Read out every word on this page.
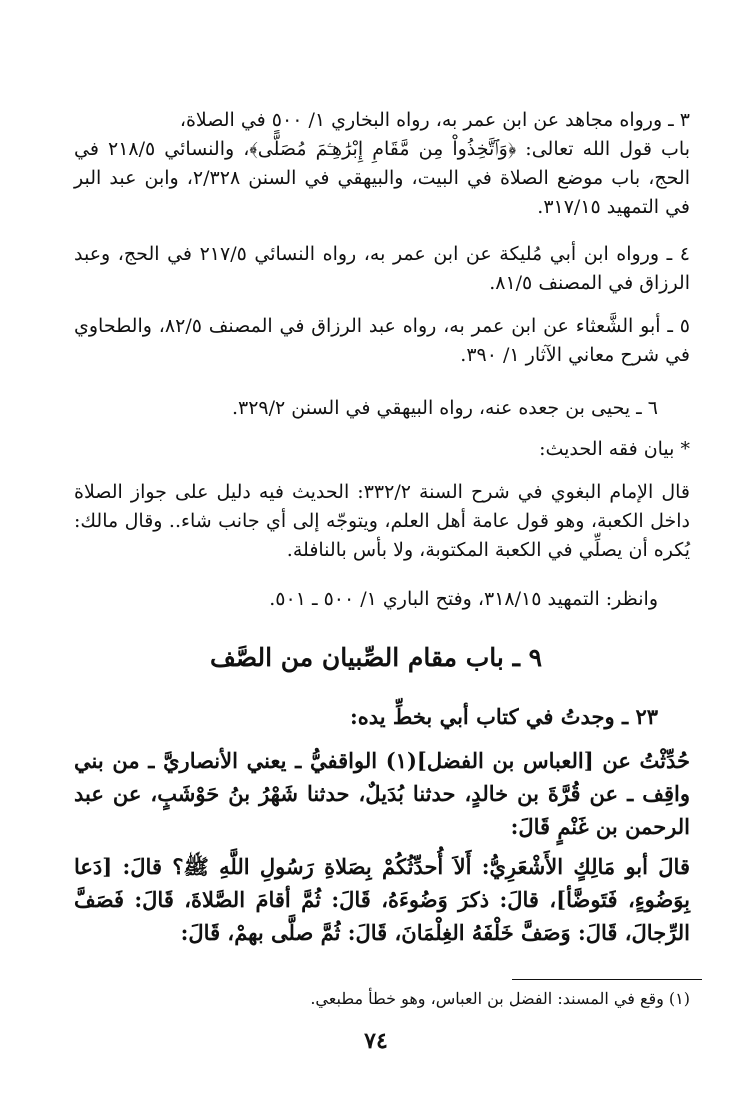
٣ ـ ورواه مجاهد عن ابن عمر به، رواه البخاري ١/ ٥٠٠ في الصلاة،

باب قول الله تعالى: ﴿وَٱتَّخِذُواْ مِن مَّقَامِ إِبْرَٰهِـۧمَ مُصَلًّى﴾، والنسائي ٢١٨/٥ في الحج، باب موضع الصلاة في البيت، والبيهقي في السنن ٢/٣٢٨، وابن عبد البر في التمهيد ٣١٧/١٥.

٤ ـ ورواه ابن أبي مُليكة عن ابن عمر به، رواه النسائي ٢١٧/٥ في الحج، وعبد الرزاق في المصنف ٨١/٥.

٥ ـ أبو الشَّعثاء عن ابن عمر به، رواه عبد الرزاق في المصنف ٨٢/٥، والطحاوي في شرح معاني الآثار ١/ ٣٩٠.

٦ ـ يحيى بن جعده عنه، رواه البيهقي في السنن ٣٢٩/٢.

* بيان فقه الحديث:

قال الإمام البغوي في شرح السنة ٣٣٢/٢: الحديث فيه دليل على جواز الصلاة داخل الكعبة، وهو قول عامة أهل العلم، ويتوجّه إلى أي جانب شاء.. وقال مالك: يُكره أن يصلِّي في الكعبة المكتوبة، ولا بأس بالنافلة.

وانظر: التمهيد ٣١٨/١٥، وفتح الباري ١/ ٥٠٠ ـ ٥٠١.

٩ ـ باب مقام الصِّبيان من الصَّف

٢٣ ـ وجدتُ في كتاب أبي بخطِّ يده:

حُدِّثْتُ عن [العباس بن الفضل](١) الواقفيُّ ـ يعني الأنصاريَّ ـ من بني واقِف ـ عن قُرَّةَ بن خالدٍ، حدثنا بُدَيلٌ، حدثنا شَهْرُ بنُ حَوْشَبٍ، عن عبد الرحمن بن غَنْمٍ قَالَ:

قالَ أبو مَالِكٍ الأَشْعَرِيُّ: أَلاَ أُحدِّثُكُمْ بِصَلاةِ رَسُولِ اللَّهِ ﷺ؟ قالَ: [دَعا بِوَضُوءٍ، فَتَوضَّأ]، قالَ: ذكرَ وَضُوءَهُ، قَالَ: ثُمَّ أقامَ الصَّلاةَ، قَالَ: فَصَفَّ الرِّجالَ، قَالَ: وَصَفَّ خَلْفَهُ الغِلْمَانَ، قَالَ: ثُمَّ صلَّى بهمْ، قَالَ:

(١) وقع في المسند: الفضل بن العباس، وهو خطأ مطبعي.

٧٤
